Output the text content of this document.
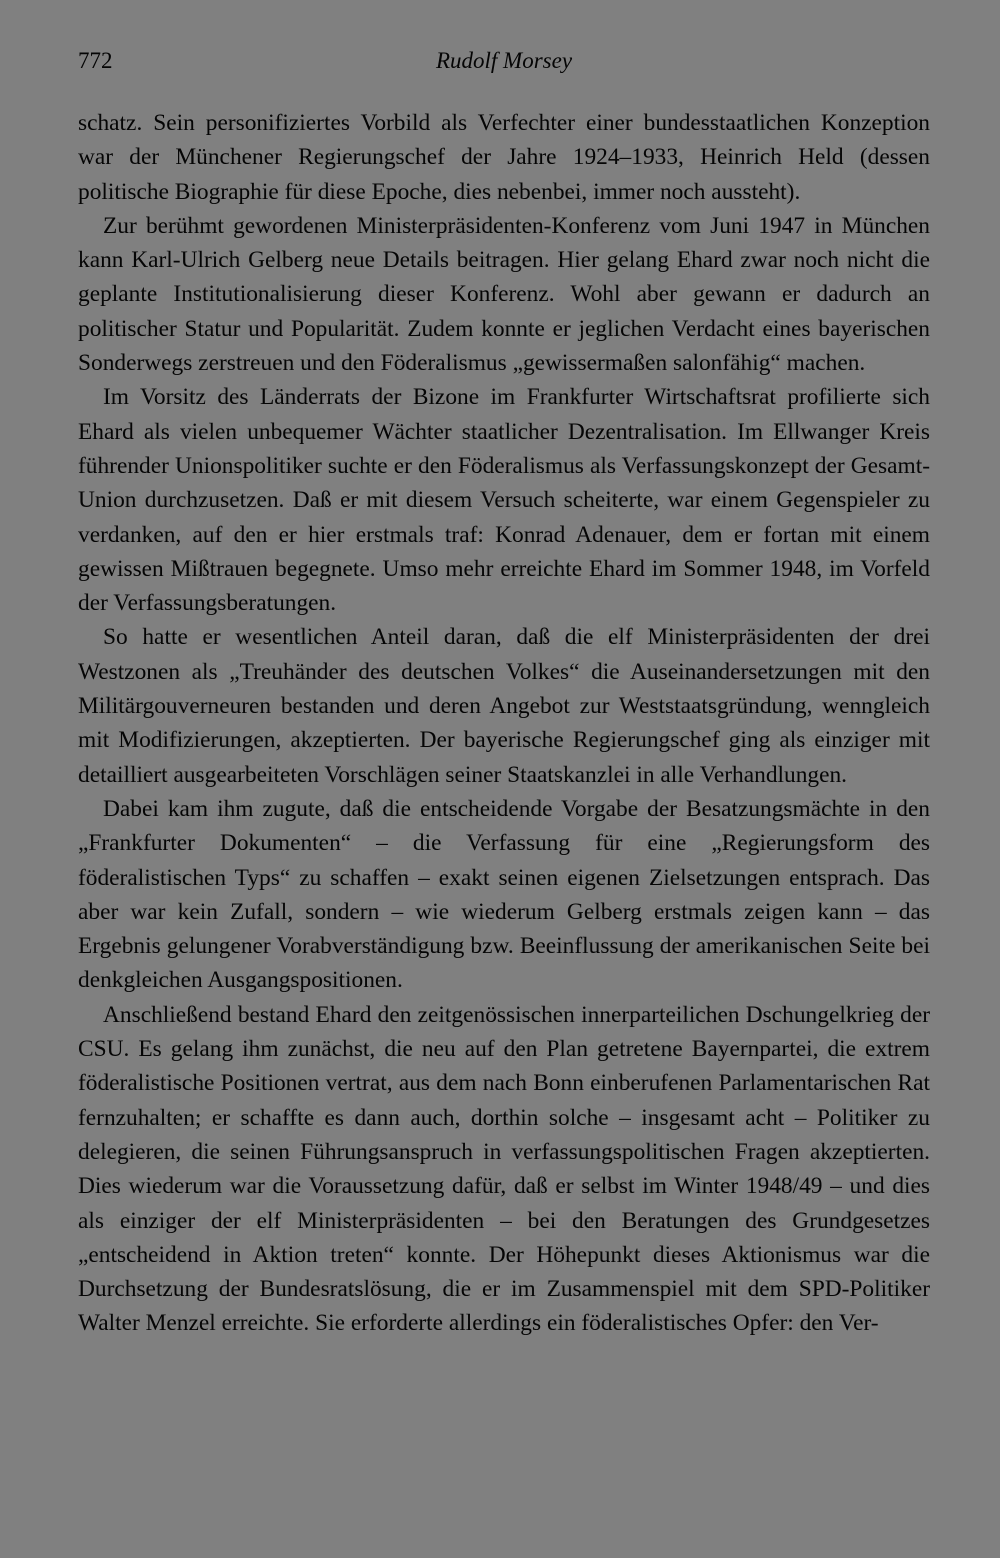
772	Rudolf Morsey

schatz. Sein personifiziertes Vorbild als Verfechter einer bundesstaatlichen Konzeption war der Münchener Regierungschef der Jahre 1924–1933, Heinrich Held (dessen politische Biographie für diese Epoche, dies nebenbei, immer noch aussteht).

Zur berühmt gewordenen Ministerpräsidenten-Konferenz vom Juni 1947 in München kann Karl-Ulrich Gelberg neue Details beitragen. Hier gelang Ehard zwar noch nicht die geplante Institutionalisierung dieser Konferenz. Wohl aber gewann er dadurch an politischer Statur und Popularität. Zudem konnte er jeglichen Verdacht eines bayerischen Sonderwegs zerstreuen und den Föderalismus „gewissermaßen salonfähig“ machen.

Im Vorsitz des Länderrats der Bizone im Frankfurter Wirtschaftsrat profilierte sich Ehard als vielen unbequemer Wächter staatlicher Dezentralisation. Im Ellwanger Kreis führender Unionspolitiker suchte er den Föderalismus als Verfassungskonzept der Gesamt-Union durchzusetzen. Daß er mit diesem Versuch scheiterte, war einem Gegenspieler zu verdanken, auf den er hier erstmals traf: Konrad Adenauer, dem er fortan mit einem gewissen Mißtrauen begegnete. Umso mehr erreichte Ehard im Sommer 1948, im Vorfeld der Verfassungsberatungen.

So hatte er wesentlichen Anteil daran, daß die elf Ministerpräsidenten der drei Westzonen als „Treuhänder des deutschen Volkes“ die Auseinandersetzungen mit den Militärgouverneuren bestanden und deren Angebot zur Weststaatsgründung, wenngleich mit Modifizierungen, akzeptierten. Der bayerische Regierungschef ging als einziger mit detailliert ausgearbeiteten Vorschlägen seiner Staatskanzlei in alle Verhandlungen.

Dabei kam ihm zugute, daß die entscheidende Vorgabe der Besatzungsmächte in den „Frankfurter Dokumenten“ – die Verfassung für eine „Regierungsform des föderalistischen Typs“ zu schaffen – exakt seinen eigenen Zielsetzungen entsprach. Das aber war kein Zufall, sondern – wie wiederum Gelberg erstmals zeigen kann – das Ergebnis gelungener Vorabverständigung bzw. Beeinflussung der amerikanischen Seite bei denkgleichen Ausgangspositionen.

Anschließend bestand Ehard den zeitgenössischen innerparteilichen Dschungelkrieg der CSU. Es gelang ihm zunächst, die neu auf den Plan getretene Bayernpartei, die extrem föderalistische Positionen vertrat, aus dem nach Bonn einberufenen Parlamentarischen Rat fernzuhalten; er schaffte es dann auch, dorthin solche – insgesamt acht – Politiker zu delegieren, die seinen Führungsanspruch in verfassungspolitischen Fragen akzeptierten. Dies wiederum war die Voraussetzung dafür, daß er selbst im Winter 1948/49 – und dies als einziger der elf Ministerpräsidenten – bei den Beratungen des Grundgesetzes „entscheidend in Aktion treten“ konnte. Der Höhepunkt dieses Aktionismus war die Durchsetzung der Bundesratslösung, die er im Zusammenspiel mit dem SPD-Politiker Walter Menzel erreichte. Sie erforderte allerdings ein föderalistisches Opfer: den Ver-
